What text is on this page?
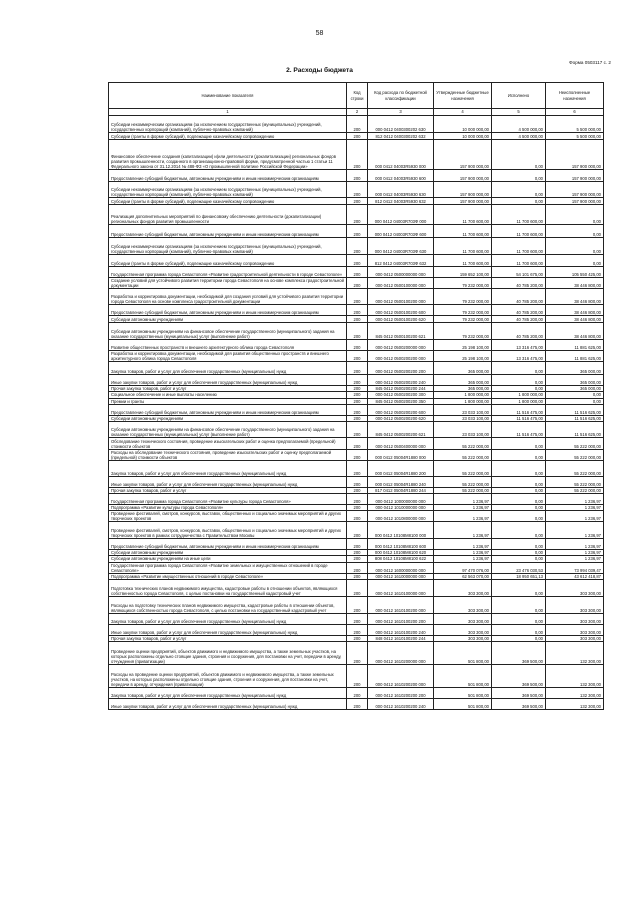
58
Форма 0503117 с. 2
2. Расходы бюджета
Наименование показателя	Код строки	Код расхода по бюджетной классификации	Утвержденные бюджетные назначения	Исполнено	Неисполненные назначения
1	2	3	4	5	6
Субсидии некоммерческим организациям (за исключением государственных (муниципальных) учреждений, государственных корпораций (компаний), публично-правовых компаний)	200	000 0412 0400300202 630	10 000 000,00	4 500 000,00	5 500 000,00
Субсидии (гранты в форме субсидий), подлежащие казначейскому сопровождению	200	812 0412 0400300202 632	10 000 000,00	4 500 000,00	5 500 000,00
Финансовое обеспечение создания (капитализации) и(или деятельности (докапитализации) региональных фондов развития промышленности, созданного в организационно-правовой форме, предусмотренной частью 1 статьи 11 Федерального закона от 31.12.2014 № 488-ФЗ «О промышленной политике Российской Федерации»	200	000 0412 04003R5930 000	157 900 000,00	0,00	157 900 000,00
Предоставление субсидий бюджетным, автономным учреждениям и иным некоммерческим организациям	200	000 0412 04003R5930 600	157 900 000,00	0,00	157 900 000,00
Субсидии некоммерческим организациям (за исключением государственных (муниципальных) учреждений, государственных корпораций (компаний), публично-правовых компаний)	200	000 0412 04003R5930 630	157 900 000,00	0,00	157 900 000,00
Субсидии (гранты в форме субсидий), подлежащие казначейскому сопровождению	200	812 0412 04003R5930 632	157 900 000,00	0,00	157 900 000,00
Реализация дополнительных мероприятий по финансовому обеспечению деятельности (докапитализации) региональных фондов развития промышленности	200	000 0412 04003R703Ф 000	11 700 600,00	11 700 600,00	0,00
Предоставление субсидий бюджетным, автономным учреждениям и иным некоммерческим организациям	200	000 0412 04003R703Ф 600	11 700 600,00	11 700 600,00	0,00
Субсидии некоммерческим организациям (за исключением государственных (муниципальных) учреждений, государственных корпораций (компаний), публично-правовых компаний)	200	000 0412 04003R703Ф 630	11 700 600,00	11 700 600,00	0,00
Субсидии (гранты в форме субсидий), подлежащие казначейскому сопровождению	200	812 0412 04003R703Ф 632	11 700 600,00	11 700 600,00	0,00
Государственная программа города Севастополя «Развитие градостроительной деятельности в городе Севастополе»	200	000 0412 0500000000 000	159 652 100,00	54 101 675,00	105 550 425,00
Создание условий для устойчивого развития территории города Севастополя на основе комплекса градостроительной документации	200	000 0412 0500100000 000	79 232 000,00	40 785 200,00	38 446 800,00
Разработка и корректировка документации, необходимой для создания условий для устойчивого развития территории города Севастополя на основе комплекса градостроительной документации	200	000 0412 0500100200 000	79 232 000,00	40 785 200,00	38 446 800,00
Предоставление субсидий бюджетным, автономным учреждениям и иным некоммерческим организациям	200	000 0412 0500100200 600	79 232 000,00	40 785 200,00	38 446 800,00
Субсидии автономным учреждениям	200	000 0412 0500100200 620	79 232 000,00	40 785 200,00	38 446 800,00
Субсидии автономным учреждениям на финансовое обеспечение государственного (муниципального) задания на оказание государственных (муниципальных) услуг (выполнение работ)	200	845 0412 0500100200 621	79 232 000,00	40 785 200,00	38 446 800,00
Развитие общественных пространств и внешнего архитектурного облика города Севастополя	200	000 0412 0500200000 000	25 198 100,00	13 316 475,00	11 881 625,00
Разработка и корректировка документации, необходимой для развития общественных пространств и внешнего архитектурного облика города Севастополя	200	000 0412 0500200200 000	25 198 100,00	13 316 475,00	11 881 625,00
Закупка товаров, работ и услуг для обеспечения государственных (муниципальных) нужд	200	000 0412 0500200200 200	365 000,00	0,00	365 000,00
Иные закупки товаров, работ и услуг для обеспечения государственных (муниципальных) нужд	200	000 0412 0500200200 240	365 000,00	0,00	365 000,00
Прочая закупка товаров, работ и услуг	200	845 0412 0500200200 244	365 000,00	0,00	365 000,00
Социальное обеспечение и иные выплаты населению	200	000 0412 0500200200 300	1 800 000,00	1 800 000,00	0,00
Премии и гранты	200	845 0412 0500200200 350	1 800 000,00	1 800 000,00	0,00
Предоставление субсидий бюджетным, автономным учреждениям и иным некоммерческим организациям	200	000 0412 0500200200 600	23 033 100,00	11 516 475,00	11 516 625,00
Субсидии автономным учреждениям	200	000 0412 0500200200 620	23 033 100,00	11 516 475,00	11 516 625,00
Субсидии автономным учреждениям на финансовое обеспечение государственного (муниципального) задания на оказание государственных (муниципальных) услуг (выполнение работ)	200	845 0412 0500200200 621	23 033 100,00	11 516 475,00	11 516 625,00
Обследование технического состояния, проведение изыскательских работ и оценка предполагаемой (предельной) стоимости объектов	200	000 0412 0500400000 000	55 222 000,00	0,00	55 222 000,00
Расходы на обследование технического состояния, проведение изыскательских работ и оценку предполагаемой (предельной) стоимости объектов	200	000 0412 05004R1880 000	55 222 000,00	0,00	55 222 000,00
Закупка товаров, работ и услуг для обеспечения государственных (муниципальных) нужд	200	000 0412 05004R1880 200	55 222 000,00	0,00	55 222 000,00
Иные закупки товаров, работ и услуг для обеспечения государственных (муниципальных) нужд	200	000 0412 05004R1880 240	55 222 000,00	0,00	55 222 000,00
Прочая закупка товаров, работ и услуг	200	817 0412 05004R1880 244	55 222 000,00	0,00	55 222 000,00
Государственная программа города Севастополя «Развитие культуры города Севастополя»	200	000 0412 1000000000 000	1 236,97	0,00	1 236,97
Подпрограмма «Развитие культуры города Севастополя»	200	000 0412 1010000000 000	1 236,97	0,00	1 236,97
Проведение фестивалей, смотров, конкурсов, выставок, общественных и социально значимых мероприятий и других творческих проектов	200	000 0412 1010800000 000	1 236,97	0,00	1 236,97
Проведение фестивалей, смотров, конкурсов, выставок, общественных и социально значимых мероприятий и других творческих проектов в рамках сотрудничества с Правительством Москвы	200	000 0412 10108M8100 000	1 236,97	0,00	1 236,97
Предоставление субсидий бюджетным, автономным учреждениям и иным некоммерческим организациям	200	000 0412 10108M8100 600	1 236,97	0,00	1 236,97
Субсидии автономным учреждениям	200	000 0412 10108M8100 620	1 236,97	0,00	1 236,97
Субсидии автономным учреждениям на иные цели	200	808 0412 10108M8100 622	1 236,97	0,00	1 236,97
Государственная программа города Севастополя «Развитие земельных и имущественных отношений в городе Севастополе»	200	000 0412 1600000000 000	97 470 076,00	23 476 030,53	73 994 039,47
Подпрограмма «Развитие имущественных отношений в городе Севастополе»	200	000 0412 1610000000 000	62 563 070,00	18 950 651,13	43 612 418,87
Подготовка технических планов недвижимого имущества, кадастровые работы в отношении объектов, являющихся собственностью города Севастополя, с целью постановки на государственный кадастровый учет	200	000 0412 1610100000 000	303 300,00	0,00	303 300,00
Расходы на подготовку технических планов недвижимого имущества, кадастровые работы в отношении объектов, являющихся собственностью города Севастополя, с целью постановки на государственный кадастровый учет	200	000 0412 1610100200 000	303 300,00	0,00	303 300,00
Закупка товаров, работ и услуг для обеспечения государственных (муниципальных) нужд	200	000 0412 1610100200 200	303 300,00	0,00	303 300,00
Иные закупки товаров, работ и услуг для обеспечения государственных (муниципальных) нужд	200	000 0412 1610100200 240	303 300,00	0,00	303 300,00
Прочая закупка товаров, работ и услуг	200	848 0412 1610100200 244	303 300,00	0,00	303 300,00
Проведение оценки предприятий, объектов движимого и недвижимого имущества, а также земельных участков, на которых расположены отдельно стоящие здания, строения и сооружения, для постановки на учет, передачи в аренду, отчуждения (приватизации)	200	000 0412 1610200000 000	501 800,00	369 500,00	132 300,00
Расходы на проведение оценки предприятий, объектов движимого и недвижимого имущества, а также земельных участков, на которых расположены отдельно стоящие здания, строения и сооружения, для постановки на учет, передачи в аренду, отчуждения (приватизации)	200	000 0412 1610200200 000	501 800,00	369 500,00	132 300,00
Закупка товаров, работ и услуг для обеспечения государственных (муниципальных) нужд	200	000 0412 1610200200 200	501 800,00	369 500,00	132 300,00
Иные закупки товаров, работ и услуг для обеспечения государственных (муниципальных) нужд	200	000 0412 1610200200 240	501 800,00	369 500,00	132 300,00
